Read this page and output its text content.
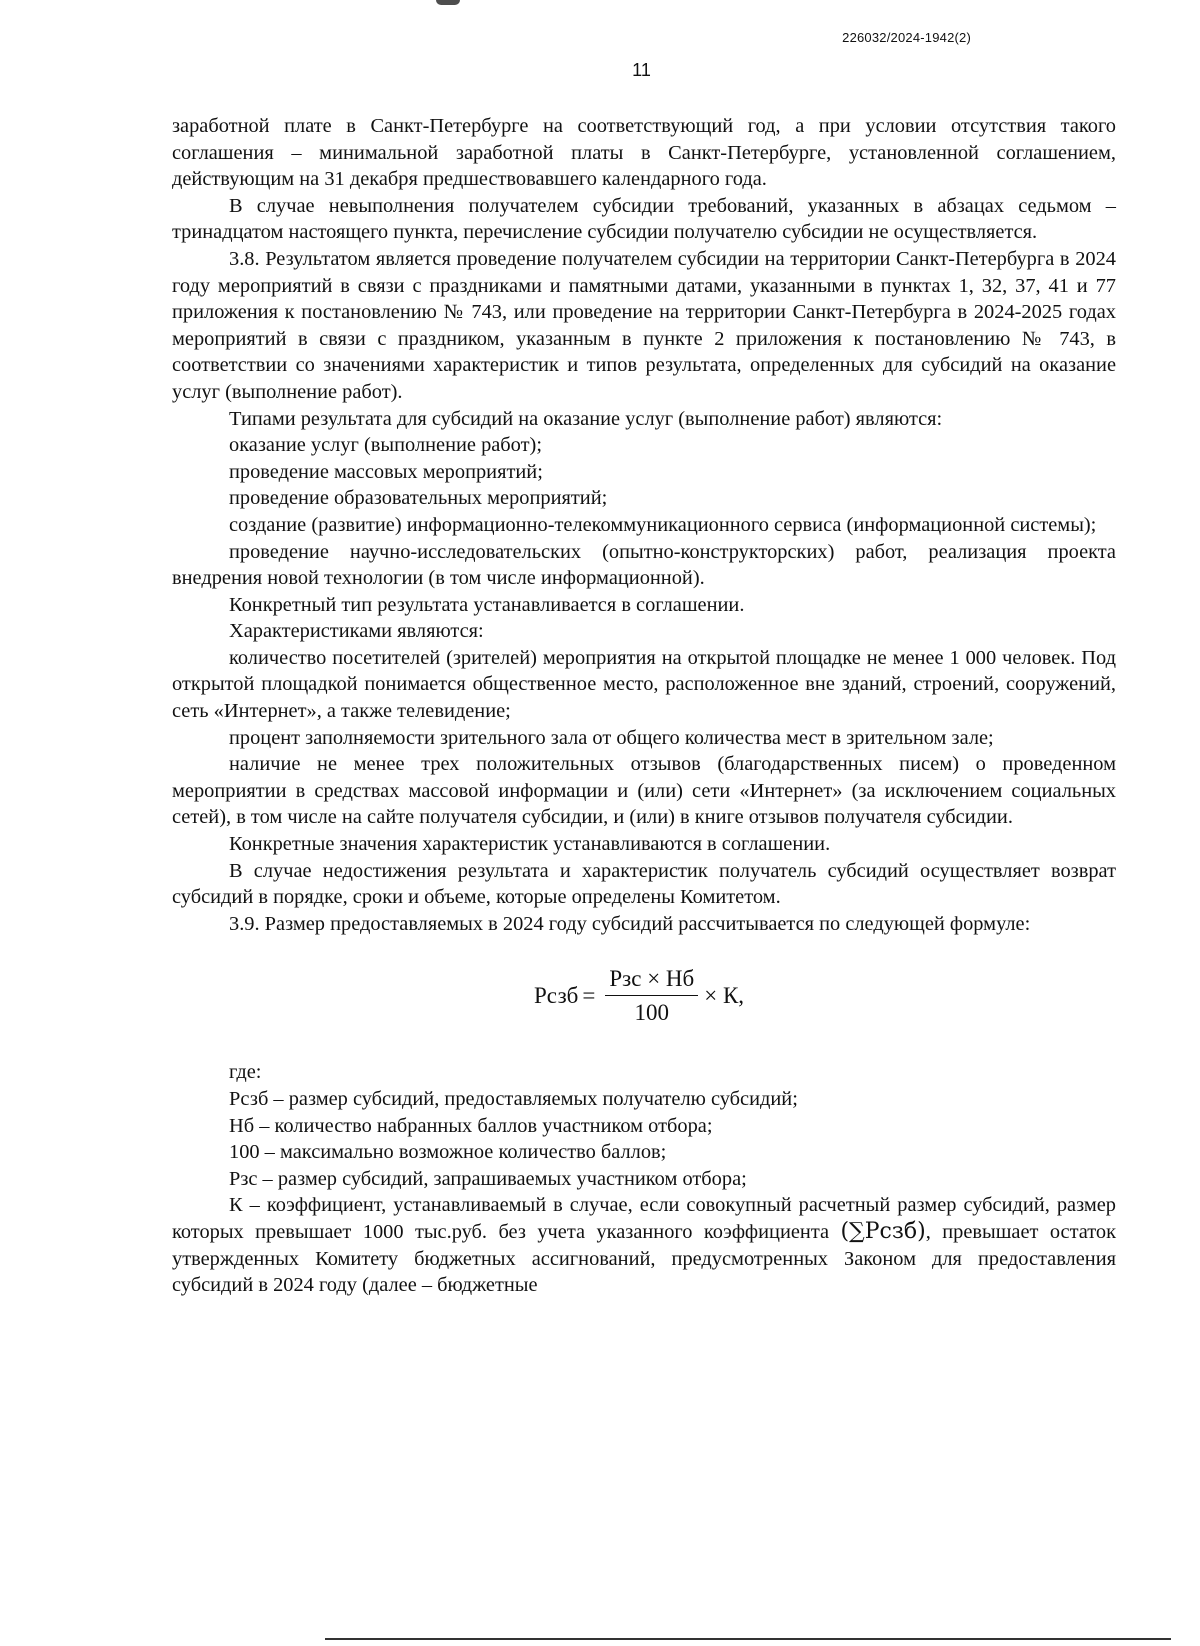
226032/2024-1942(2)
11

заработной плате в Санкт-Петербурге на соответствующий год, а при условии отсутствия такого соглашения – минимальной заработной платы в Санкт-Петербурге, установленной соглашением, действующим на 31 декабря предшествовавшего календарного года.

В случае невыполнения получателем субсидии требований, указанных в абзацах седьмом – тринадцатом настоящего пункта, перечисление субсидии получателю субсидии не осуществляется.

3.8. Результатом является проведение получателем субсидии на территории Санкт-Петербурга в 2024 году мероприятий в связи с праздниками и памятными датами, указанными в пунктах 1, 32, 37, 41 и 77 приложения к постановлению № 743, или проведение на территории Санкт-Петербурга в 2024-2025 годах мероприятий в связи с праздником, указанным в пункте 2 приложения к постановлению № 743, в соответствии со значениями характеристик и типов результата, определенных для субсидий на оказание услуг (выполнение работ).

Типами результата для субсидий на оказание услуг (выполнение работ) являются:

оказание услуг (выполнение работ);

проведение массовых мероприятий;

проведение образовательных мероприятий;

создание (развитие) информационно-телекоммуникационного сервиса (информационной системы);

проведение научно-исследовательских (опытно-конструкторских) работ, реализация проекта внедрения новой технологии (в том числе информационной).

Конкретный тип результата устанавливается в соглашении.

Характеристиками являются:

количество посетителей (зрителей) мероприятия на открытой площадке не менее 1 000 человек. Под открытой площадкой понимается общественное место, расположенное вне зданий, строений, сооружений, сеть «Интернет», а также телевидение;

процент заполняемости зрительного зала от общего количества мест в зрительном зале;

наличие не менее трех положительных отзывов (благодарственных писем) о проведенном мероприятии в средствах массовой информации и (или) сети «Интернет» (за исключением социальных сетей), в том числе на сайте получателя субсидии, и (или) в книге отзывов получателя субсидии.

Конкретные значения характеристик устанавливаются в соглашении.

В случае недостижения результата и характеристик получатель субсидий осуществляет возврат субсидий в порядке, сроки и объеме, которые определены Комитетом.

3.9. Размер предоставляемых в 2024 году субсидий рассчитывается по следующей формуле:

Рсзб = $\frac{\text{Рзс × Нб}}{100} \times К$,

где:

Рсзб – размер субсидий, предоставляемых получателю субсидий;

Нб – количество набранных баллов участником отбора;

100 – максимально возможное количество баллов;

Рзс – размер субсидий, запрашиваемых участником отбора;

К – коэффициент, устанавливаемый в случае, если совокупный расчетный размер субсидий, размер которых превышает 1000 тыс.руб. без учета указанного коэффициента (∑Рсзб), превышает остаток утвержденных Комитету бюджетных ассигнований, предусмотренных Законом для предоставления субсидий в 2024 году (далее – бюджетные
